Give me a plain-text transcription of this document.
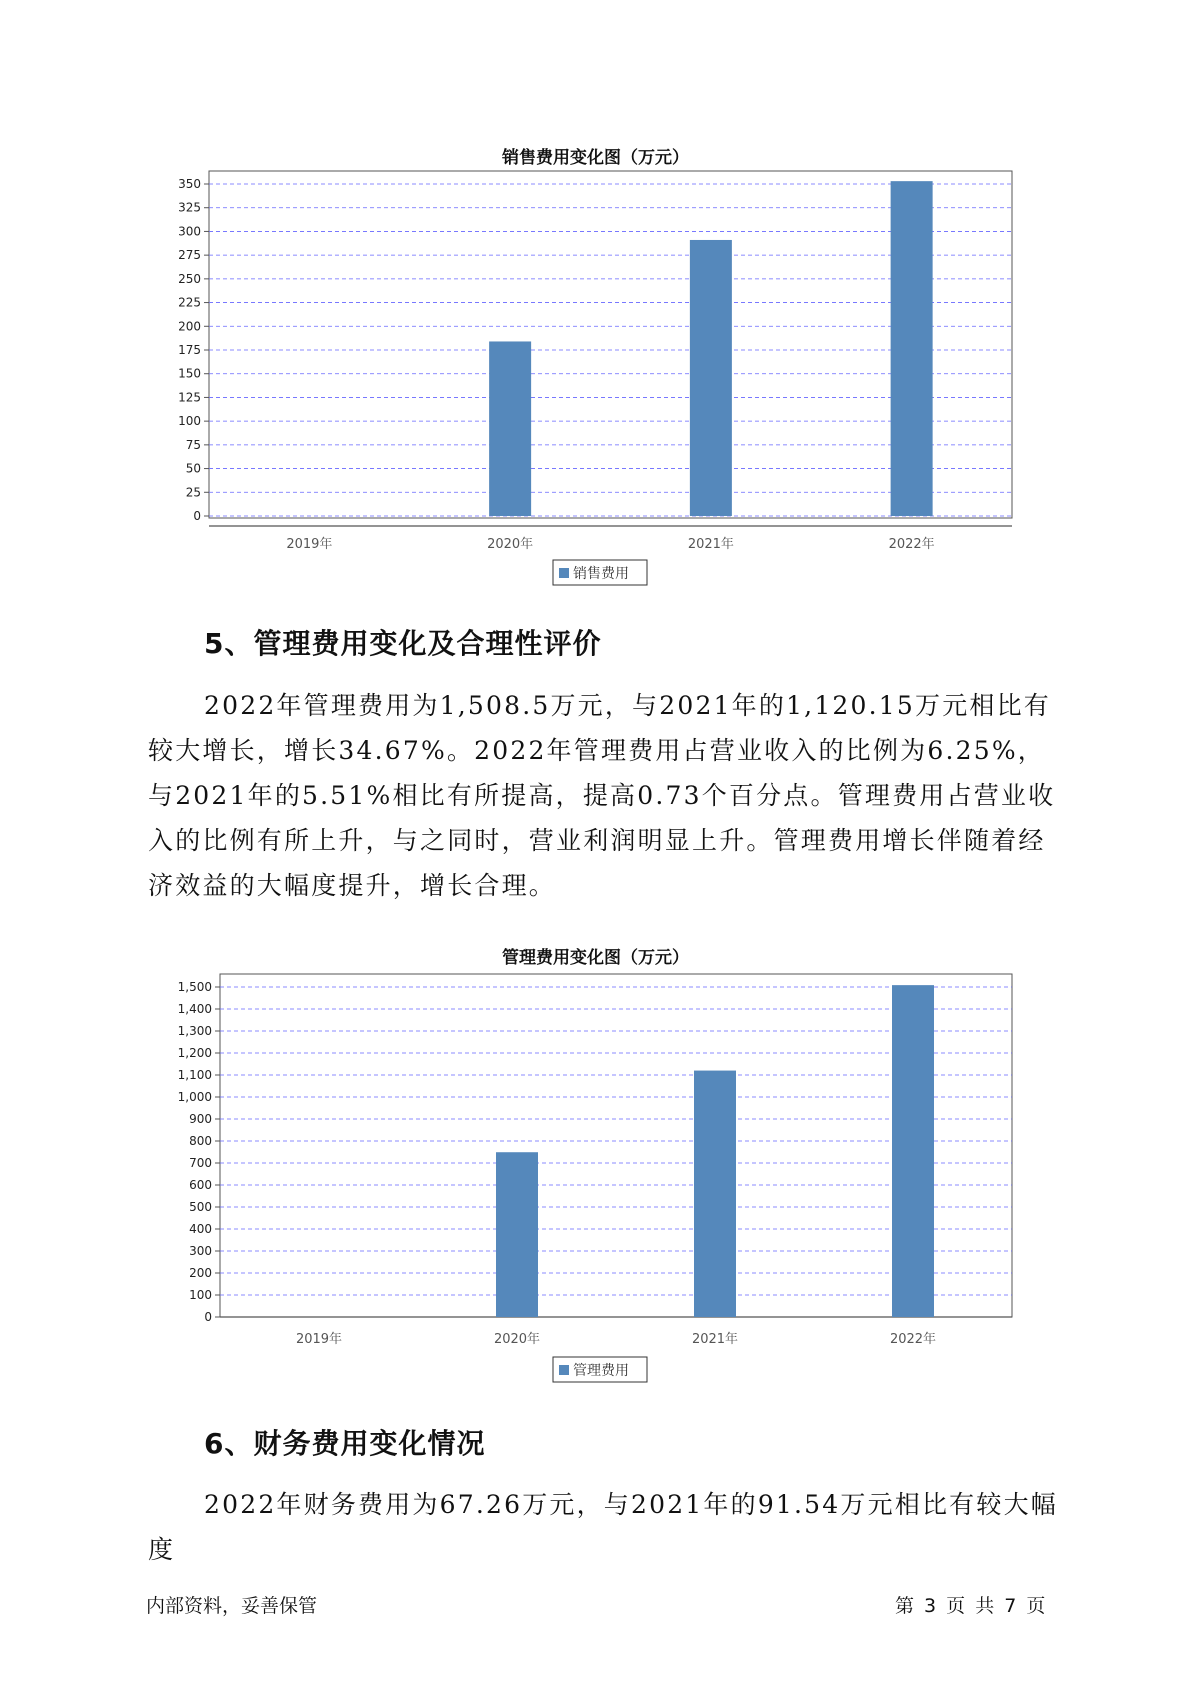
销售费用变化图（万元）
0
25
50
75
100
125
150
175
200
225
250
275
300
325
350
2019年	2020年	2021年	2022年
销售费用
5、管理费用变化及合理性评价

2022年管理费用为1,508.5万元，与2021年的1,120.15万元相比有较大增长，增长34.67%。2022年管理费用占营业收入的比例为6.25%，与2021年的5.51%相比有所提高，提高0.73个百分点。管理费用占营业收入的比例有所上升，与之同时，营业利润明显上升。管理费用增长伴随着经济效益的大幅度提升，增长合理。

管理费用变化图（万元）
0
100
200
300
400
500
600
700
800
900
1,000
1,100
1,200
1,300
1,400
1,500
2019年	2020年	2021年	2022年
管理费用
6、财务费用变化情况

2022年财务费用为67.26万元，与2021年的91.54万元相比有较大幅度

内部资料，妥善保管	第 3 页 共 7 页
